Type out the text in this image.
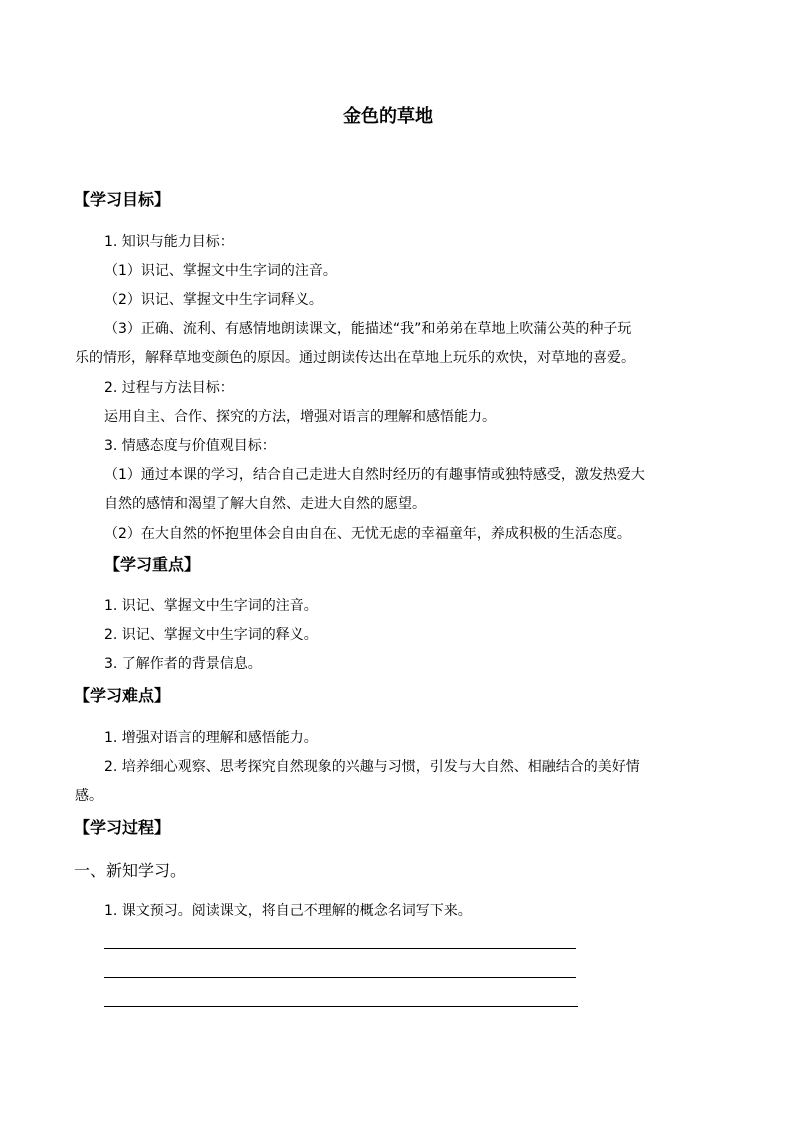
金色的草地
【学习目标】
1. 知识与能力目标：
（1）识记、掌握文中生字词的注音。
（2）识记、掌握文中生字词释义。
（3）正确、流利、有感情地朗读课文，能描述“我”和弟弟在草地上吹蒲公英的种子玩
乐的情形，解释草地变颜色的原因。通过朗读传达出在草地上玩乐的欢快，对草地的喜爱。
2. 过程与方法目标：
运用自主、合作、探究的方法，增强对语言的理解和感悟能力。
3. 情感态度与价值观目标：
（1）通过本课的学习，结合自己走进大自然时经历的有趣事情或独特感受，激发热爱大
自然的感情和渴望了解大自然、走进大自然的愿望。
（2）在大自然的怀抱里体会自由自在、无忧无虑的幸福童年，养成积极的生活态度。
【学习重点】
1. 识记、掌握文中生字词的注音。
2. 识记、掌握文中生字词的释义。
3. 了解作者的背景信息。
【学习难点】
1. 增强对语言的理解和感悟能力。
2. 培养细心观察、思考探究自然现象的兴趣与习惯，引发与大自然、相融结合的美好情
感。
【学习过程】
一、新知学习。
1. 课文预习。阅读课文，将自己不理解的概念名词写下来。
